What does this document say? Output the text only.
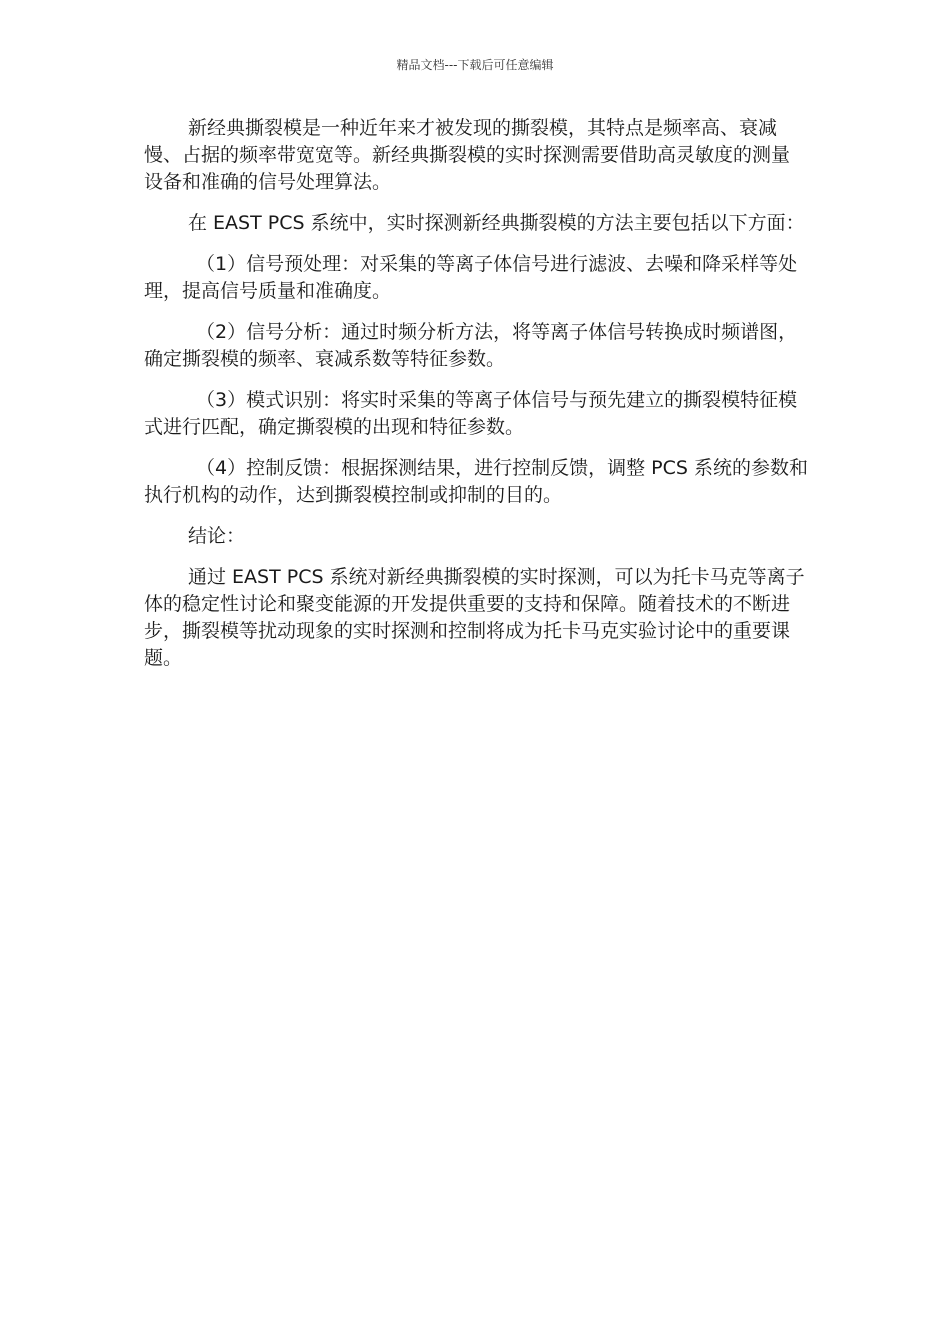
精品文档---下载后可任意编辑

新经典撕裂模是一种近年来才被发现的撕裂模，其特点是频率高、衰减慢、占据的频率带宽宽等。新经典撕裂模的实时探测需要借助高灵敏度的测量设备和准确的信号处理算法。

在 EAST PCS 系统中，实时探测新经典撕裂模的方法主要包括以下方面：

（1）信号预处理：对采集的等离子体信号进行滤波、去噪和降采样等处理，提高信号质量和准确度。

（2）信号分析：通过时频分析方法，将等离子体信号转换成时频谱图，确定撕裂模的频率、衰减系数等特征参数。

（3）模式识别：将实时采集的等离子体信号与预先建立的撕裂模特征模式进行匹配，确定撕裂模的出现和特征参数。

（4）控制反馈：根据探测结果，进行控制反馈，调整 PCS 系统的参数和执行机构的动作，达到撕裂模控制或抑制的目的。

结论：

通过 EAST PCS 系统对新经典撕裂模的实时探测，可以为托卡马克等离子体的稳定性讨论和聚变能源的开发提供重要的支持和保障。随着技术的不断进步，撕裂模等扰动现象的实时探测和控制将成为托卡马克实验讨论中的重要课题。
